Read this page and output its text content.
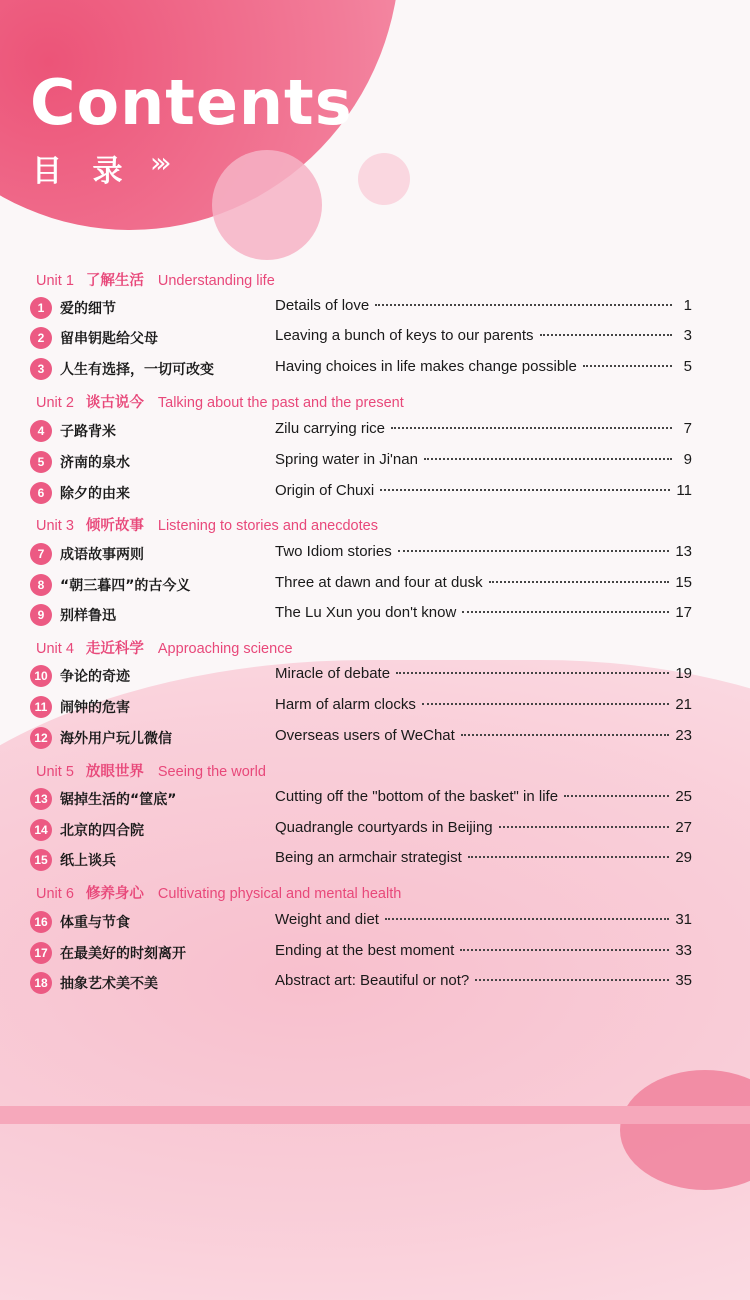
Contents
目 录 ›››
Unit 1 了解生活 Understanding life
1	爱的细节	Details of love	1
2	留串钥匙给父母	Leaving a bunch of keys to our parents	3
3	人生有选择，一切可改变	Having choices in life makes change possible	5
Unit 2 谈古说今 Talking about the past and the present
4	子路背米	Zilu carrying rice	7
5	济南的泉水	Spring water in Ji'nan	9
6	除夕的由来	Origin of Chuxi	11
Unit 3 倾听故事 Listening to stories and anecdotes
7	成语故事两则	Two Idiom stories	13
8	“朝三暮四”的古今义	Three at dawn and four at dusk	15
9	别样鲁迅	The Lu Xun you don't know	17
Unit 4 走近科学 Approaching science
10 争论的奇迹	Miracle of debate	19
11 闹钟的危害	Harm of alarm clocks	21
12 海外用户玩儿微信	Overseas users of WeChat	23
Unit 5 放眼世界 Seeing the world
13 锯掉生活的“筐底”	Cutting off the "bottom of the basket" in life	25
14 北京的四合院	Quadrangle courtyards in Beijing	27
15 纸上谈兵	Being an armchair strategist	29
Unit 6 修养身心 Cultivating physical and mental health
16 体重与节食	Weight and diet	31
17 在最美好的时刻离开	Ending at the best moment	33
18 抽象艺术美不美	Abstract art: Beautiful or not?	35
